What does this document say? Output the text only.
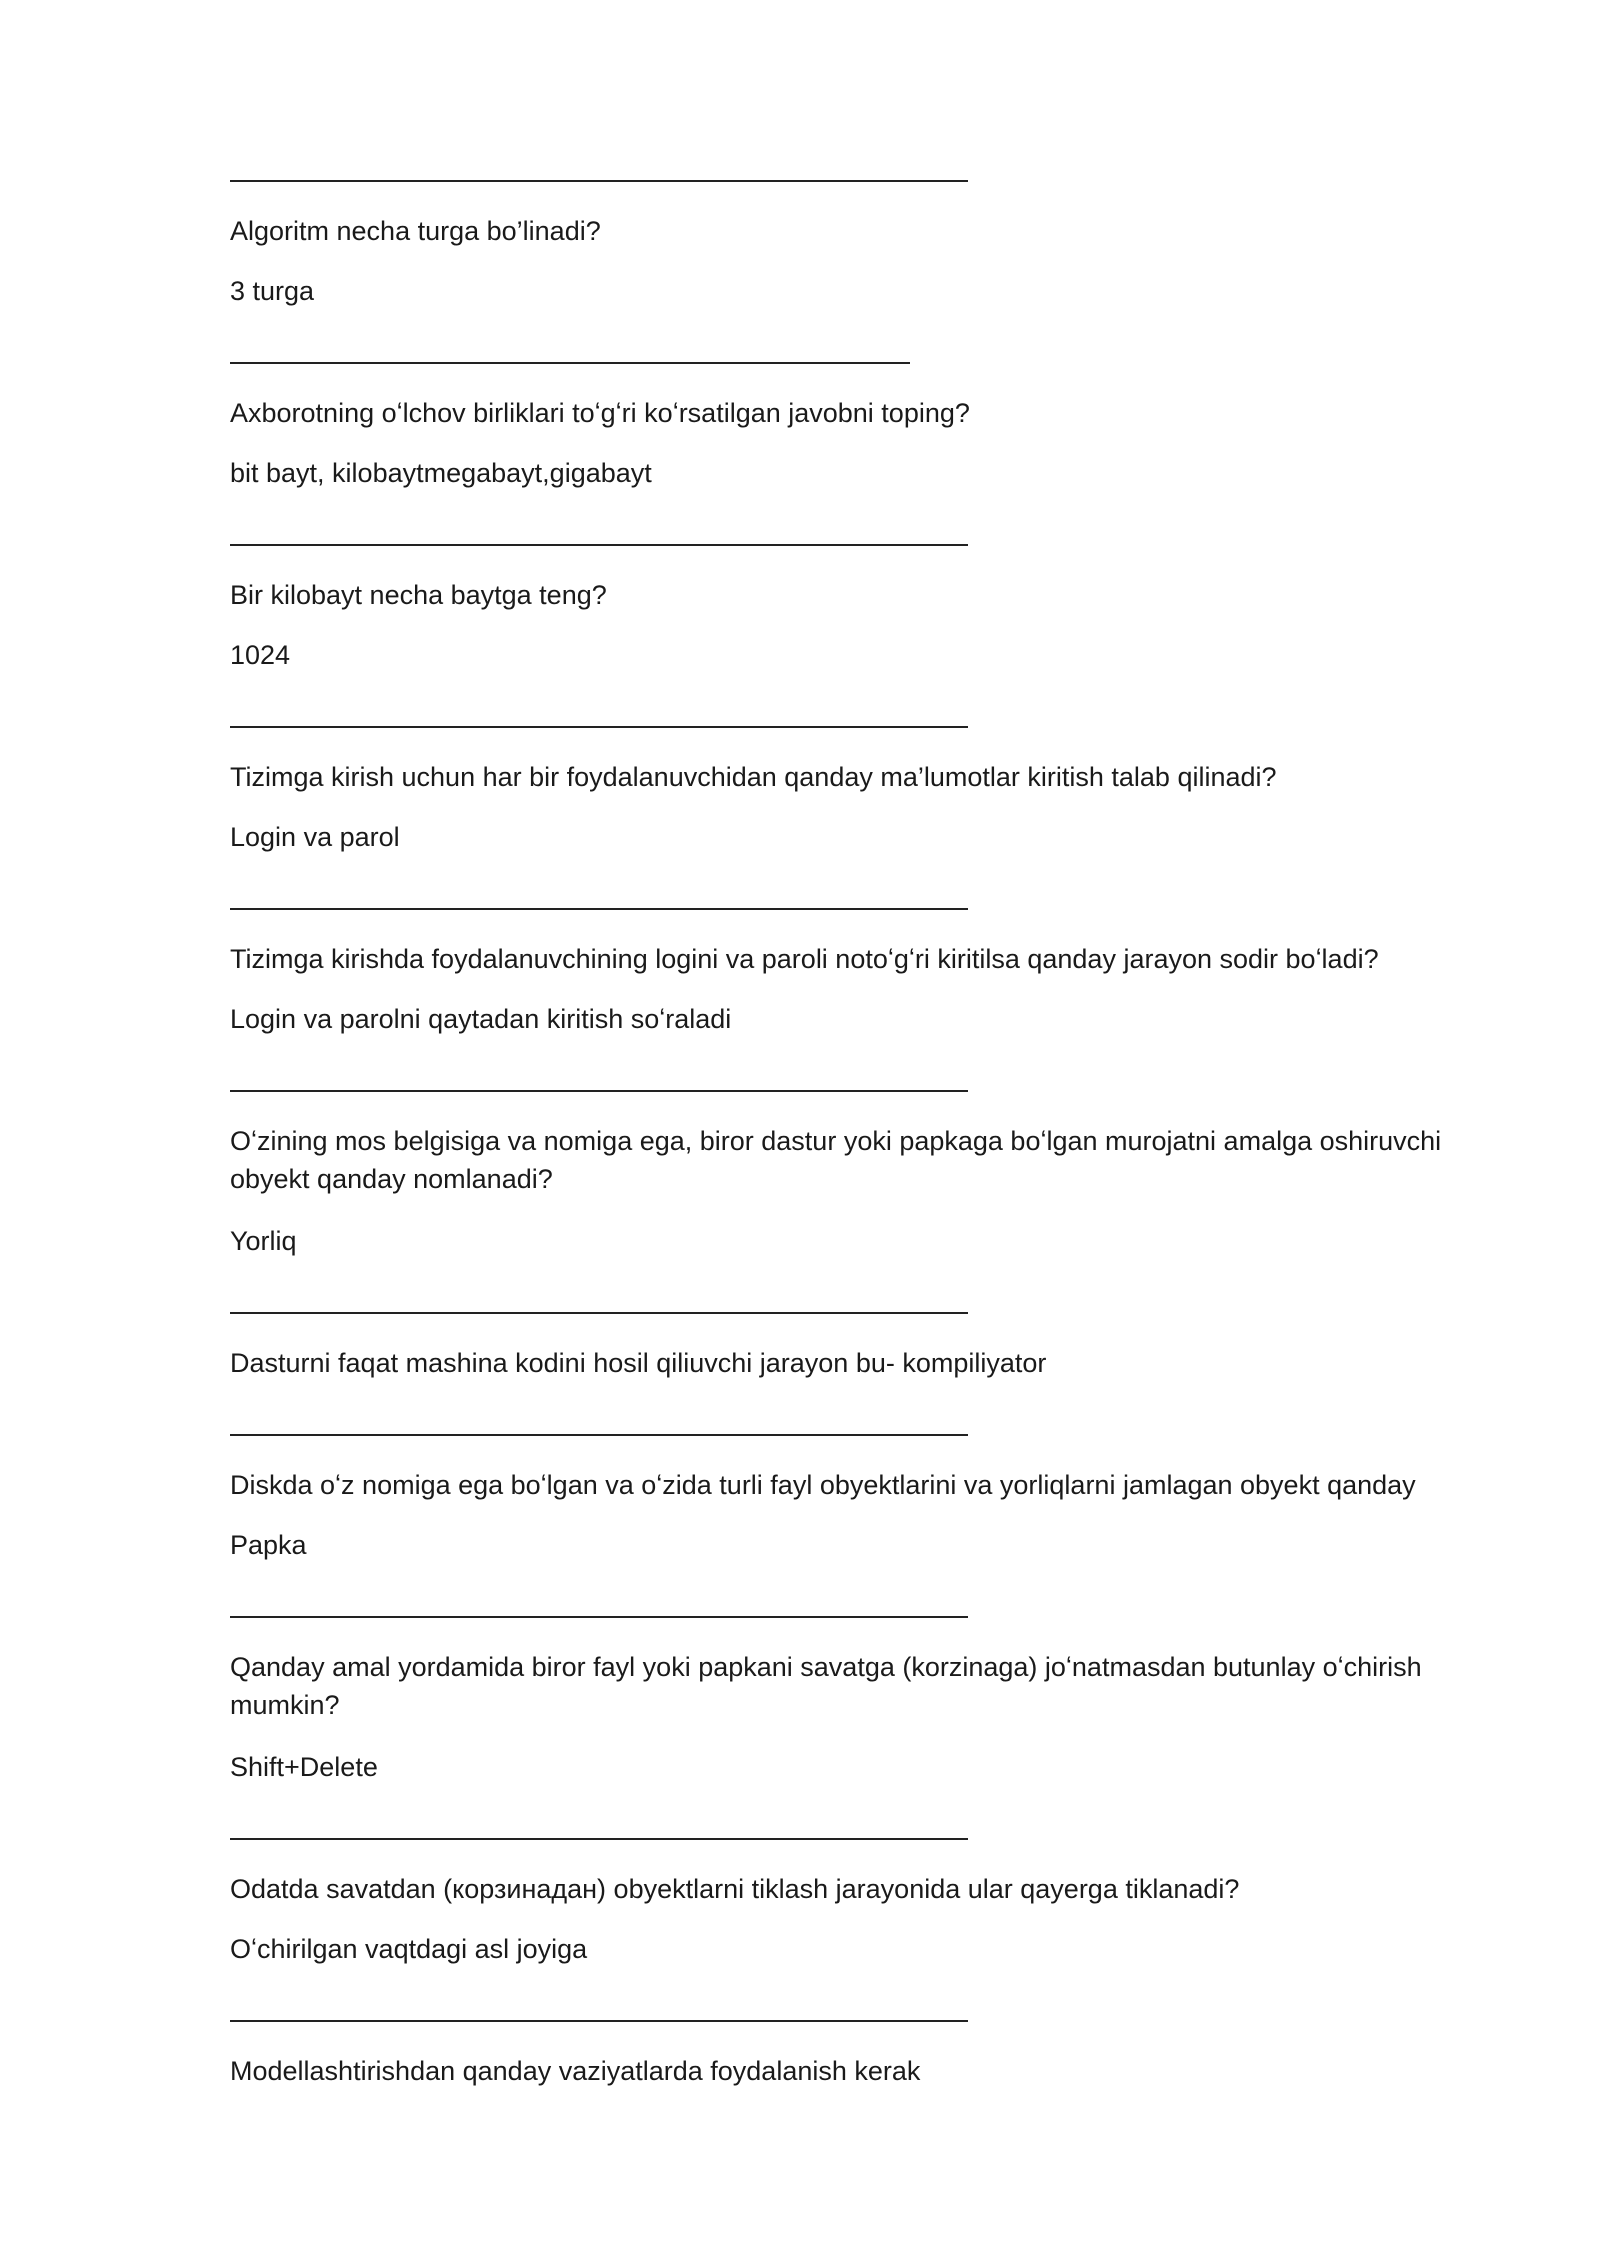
Algoritm necha turga bo’linadi?
3 turga
Axborotning oʻlchov birliklari toʻgʻri koʻrsatilgan javobni toping?
bit bayt, kilobaytmegabayt,gigabayt
Bir kilobayt necha baytga teng?
1024
Tizimga kirish uchun har bir foydalanuvchidan qanday ma’lumotlar kiritish talab qilinadi?
Login va parol
Tizimga kirishda foydalanuvchining logini va paroli notoʻgʻri kiritilsa qanday jarayon sodir boʻladi?
Login va parolni qaytadan kiritish soʻraladi
Oʻzining mos belgisiga va nomiga ega, biror dastur yoki papkaga boʻlgan murojatni amalga oshiruvchi obyekt qanday nomlanadi?
Yorliq
Dasturni faqat mashina kodini hosil qiliuvchi jarayon bu- kompiliyator
Diskda oʻz nomiga ega boʻlgan va oʻzida turli fayl obyektlarini va yorliqlarni jamlagan obyekt qanday
Papka
Qanday amal yordamida biror fayl yoki papkani savatga (korzinaga) joʻnatmasdan butunlay oʻchirish mumkin?
Shift+Delete
Odatda savatdan (корзинадан) obyektlarni tiklash jarayonida ular qayerga tiklanadi?
Oʻchirilgan vaqtdagi asl joyiga
Modellashtirishdan qanday vaziyatlarda foydalanish kerak
